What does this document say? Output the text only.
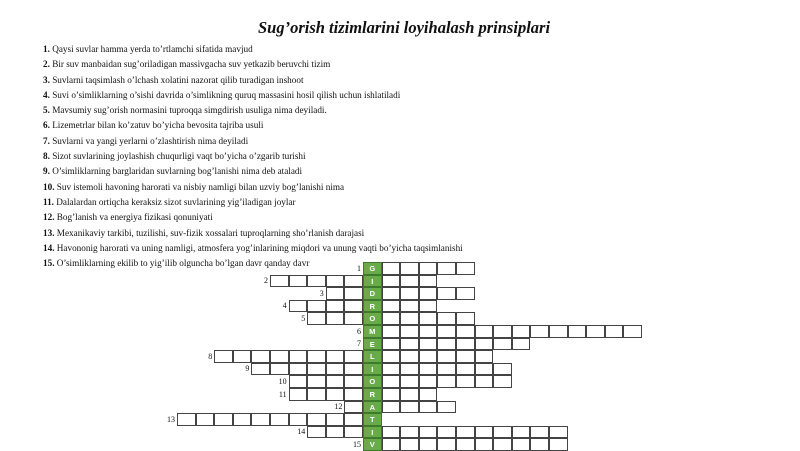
Sug’orish tizimlarini loyihalash prinsiplari
1. Qaysi suvlar hamma yerda to’rtlamchi sifatida mavjud
2. Bir suv manbaidan sug’oriladigan massivgacha suv yetkazib beruvchi tizim
3. Suvlarni taqsimlash o’lchash xolatini nazorat qilib turadigan inshoot
4. Suvi o’simliklarning o’sishi davrida o’simlikning quruq massasini hosil qilish uchun ishlatiladi
5. Mavsumiy sug’orish normasini tuproqqa simgdirish usuliga nima deyiladi.
6. Lizemetrlar bilan ko’zatuv bo’yicha bevosita tajriba usuli
7. Suvlarni va yangi yerlarni o’zlashtirish nima deyiladi
8. Sizot suvlarining joylashish chuqurligi vaqt bo’yicha o’zgarib turishi
9. O’simliklarning barglaridan suvlarning bog’lanishi nima deb ataladi
10. Suv istemoli havoning harorati va nisbiy namligi bilan uzviy bog’lanishi nima
11. Dalalardan ortiqcha keraksiz sizot suvlarining yig’iladigan joylar
12. Bog’lanish va energiya fizikasi qonuniyati
13. Mexanikaviy tarkibi, tuzilishi, suv-fizik xossalari tuproqlarning sho’rlanish darajasi
14. Havononig harorati va uning namligi, atmosfera yog’inlarining miqdori va unung vaqti bo’yicha taqsimlanishi
15. O’simliklarning ekilib to yig’ilib olguncha bo’lgan davr qanday davr	1	G
2	I
3	D
4	R
5	O
6	M
7	E
8	L
9	I
10	O
11	R
12	A
13	T
14	I
15	V
